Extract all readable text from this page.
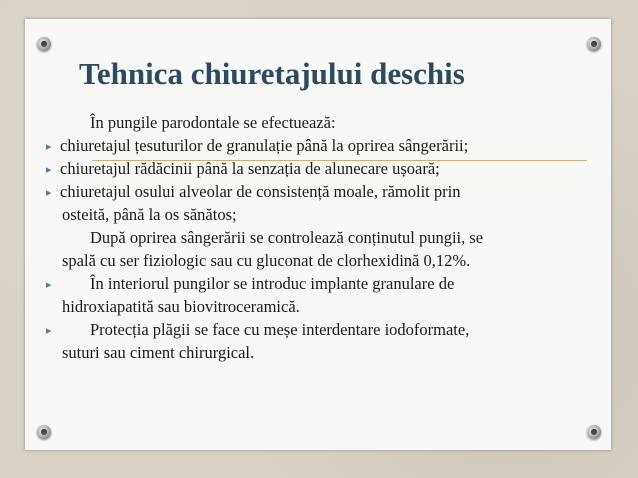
Tehnica chiuretajului deschis
În pungile parodontale se efectuează:
▸ chiuretajul țesuturilor de granulație până la oprirea sângerării;
▸ chiuretajul rădăcinii până la senzația de alunecare ușoară;
▸ chiuretajul osului alveolar de consistență moale, rămolit prin
osteită, până la os sănătos;
După oprirea sângerării se controlează conținutul pungii, se
spală cu ser fiziologic sau cu gluconat de clorhexidină 0,12%.
▸ În interiorul pungilor se introduc implante granulare de
hidroxiapatită sau biovitroceramică.
▸ Protecția plăgii se face cu meșe interdentare iodoformate,
suturi sau ciment chirurgical.
